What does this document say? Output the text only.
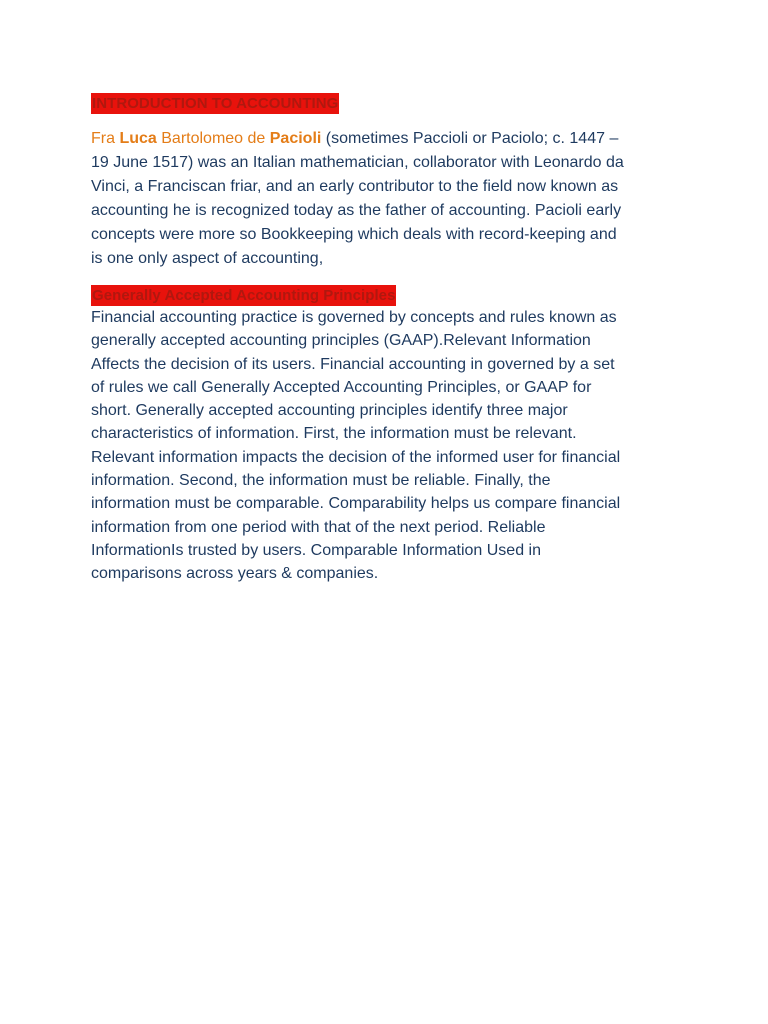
INTRODUCTION TO ACCOUNTING

Fra Luca Bartolomeo de Pacioli (sometimes Paccioli or Paciolo; c. 1447 –
19 June 1517) was an Italian mathematician, collaborator with Leonardo da
Vinci, a Franciscan friar, and an early contributor to the field now known as
accounting he is recognized today as the father of accounting. Pacioli early
concepts were more so Bookkeeping which deals with record-keeping and
is one only aspect of accounting,

Generally Accepted Accounting Principles

Financial accounting practice is governed by concepts and rules known as
generally accepted accounting principles (GAAP).Relevant Information
Affects the decision of its users. Financial accounting in governed by a set
of rules we call Generally Accepted Accounting Principles, or GAAP for
short. Generally accepted accounting principles identify three major
characteristics of information. First, the information must be relevant.
Relevant information impacts the decision of the informed user for financial
information. Second, the information must be reliable. Finally, the
information must be comparable. Comparability helps us compare financial
information from one period with that of the next period. Reliable
InformationIs trusted by users. Comparable Information Used in
comparisons across years & companies.
